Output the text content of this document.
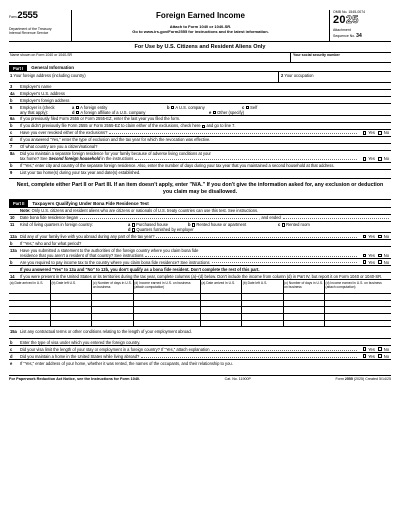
Form2555
Department of the Treasury
Internal Revenue Service
Foreign Earned Income
Attach to Form 1040 or 1040-SR.
Go to www.irs.gov/Form2555 for instructions and the latest information.
OMB No. 1545-0074
2025
Attachment
Sequence No. 34
For Use by U.S. Citizens and Resident Aliens Only
Name shown on Form 1040 or 1040-SR	Your social security number
Part I	General Information
1 Your foreign address (including country)	2 Your occupation
3	Employer's name
4a	Employer's U.S. address
b	Employer's foreign address
5	Employer is (check
any that apply):
a A foreign entity	b A U.S. company	c Self
d A foreign affiliate of a U.S. company	e Other (specify)
6a	If you previously filed Form 2555 or Form 2555-EZ, enter the last year you filed the form.
b	If you didn't previously file Form 2555 or Form 2555-EZ to claim either of the exclusions, check here and go to line 7.
c	Have you ever revoked either of the exclusions?	Yes No
d	If you answered "Yes," enter the type of exclusion and the tax year for which the revocation was effective.
7	Of what country are you a citizen/national?
8a	Did you maintain a separate foreign residence for your family because of adverse living conditions at your
tax home? See Second foreign household in the instructions	Yes No
b	If "Yes," enter city and country of the separate foreign residence. Also, enter the number of days during your tax year that you maintained a second household at that address.
9	List your tax home(s) during your tax year and date(s) established.
Next, complete either Part II or Part III. If an item doesn't apply, enter "N/A." If you don't give the information asked for, any exclusion or deduction you claim may be disallowed.
Part II	Taxpayers Qualifying Under Bona Fide Residence Test
Note: Only U.S. citizens and resident aliens who are citizens or nationals of U.S. treaty countries can use this test. See instructions.
10	Date bona fide residence began	, and ended
11	Kind of living quarters in foreign country:	a Purchased house	b Rented house or apartment	c Rented room
d Quarters furnished by employer
12a Did any of your family live with you abroad during any part of the tax year?	Yes No
b	If "Yes," who and for what period?
13a Have you submitted a statement to the authorities of the foreign country where you claim bona fide
residence that you aren't a resident of that country? See instructions	Yes No
b	Are you required to pay income tax to the country where you claim bona fide residence? See instructions	Yes No
If you answered "Yes" to 13a and "No" to 13b, you don't qualify as a bona fide resident. Don't complete the rest of this part.
14	If you were present in the United States or its territories during the tax year, complete columns (a)–(d) below. Don't include the income from column (d) in Part IV, but report it on Form 1040 or 1040-SR.
(a) Date arrived in U.S.	(b) Date left U.S.	(c) Number of days in U.S. on business	(d) Income earned in U.S. on business (attach computation)	(a) Date arrived in U.S.	(b) Date left U.S.	(c) Number of days in U.S. on business	(d) Income earned in U.S. on business (attach computation)

15a List any contractual terms or other conditions relating to the length of your employment abroad.
b	Enter the type of visa under which you entered the foreign country.
c	Did your visa limit the length of your stay or employment in a foreign country? If "Yes," attach explanation	Yes No
d	Did you maintain a home in the United States while living abroad?	Yes No
e	If "Yes," enter address of your home, whether it was rented, the names of the occupants, and their relationship to you.
For Paperwork Reduction Act Notice, see the Instructions for Form 1040.	Cat. No. 11900P	Form 2555 (2025) Created 5/14/25
